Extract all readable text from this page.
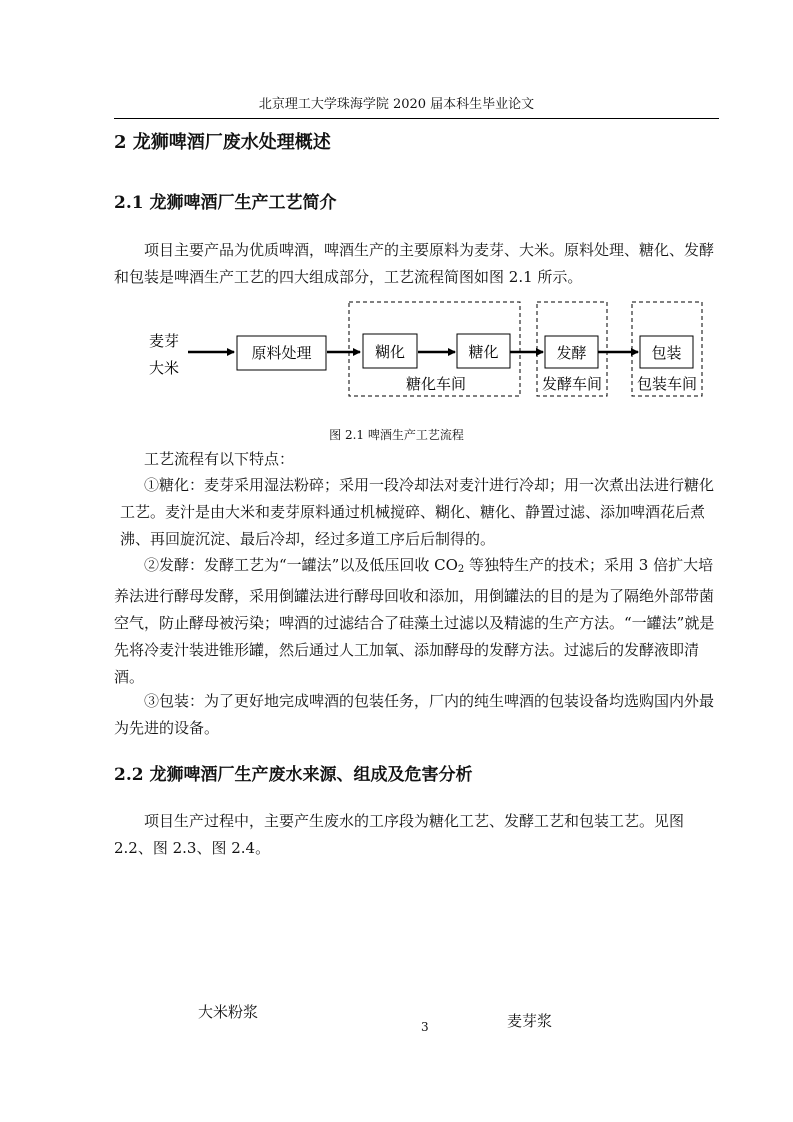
北京理工大学珠海学院 2020 届本科生毕业论文
2 龙狮啤酒厂废水处理概述
2.1 龙狮啤酒厂生产工艺简介
项目主要产品为优质啤酒，啤酒生产的主要原料为麦芽、大米。原料处理、糖化、发酵和包装是啤酒生产工艺的四大组成部分，工艺流程简图如图 2.1 所示。
麦芽
大米
原料处理	糊化	糖化	发酵	包装
糖化车间	发酵车间 包装车间
图 2.1 啤酒生产工艺流程
工艺流程有以下特点：
①糖化：麦芽采用湿法粉碎；采用一段冷却法对麦汁进行冷却；用一次煮出法进行糖化工艺。麦汁是由大米和麦芽原料通过机械搅碎、糊化、糖化、静置过滤、添加啤酒花后煮沸、再回旋沉淀、最后冷却，经过多道工序后后制得的。
②发酵：发酵工艺为“一罐法”以及低压回收 $CO_2$ 等独特生产的技术；采用 3 倍扩大培养法进行酵母发酵，采用倒罐法进行酵母回收和添加，用倒罐法的目的是为了隔绝外部带菌空气，防止酵母被污染；啤酒的过滤结合了硅藻土过滤以及精滤的生产方法。“一罐法”就是先将冷麦汁装进锥形罐，然后通过人工加氧、添加酵母的发酵方法。过滤后的发酵液即清酒。
③包装：为了更好地完成啤酒的包装任务，厂内的纯生啤酒的包装设备均选购国内外最为先进的设备。
2.2 龙狮啤酒厂生产废水来源、组成及危害分析
项目生产过程中，主要产生废水的工序段为糖化工艺、发酵工艺和包装工艺。见图 2.2、图 2.3、图 2.4。
大米粉浆	麦芽浆
3
